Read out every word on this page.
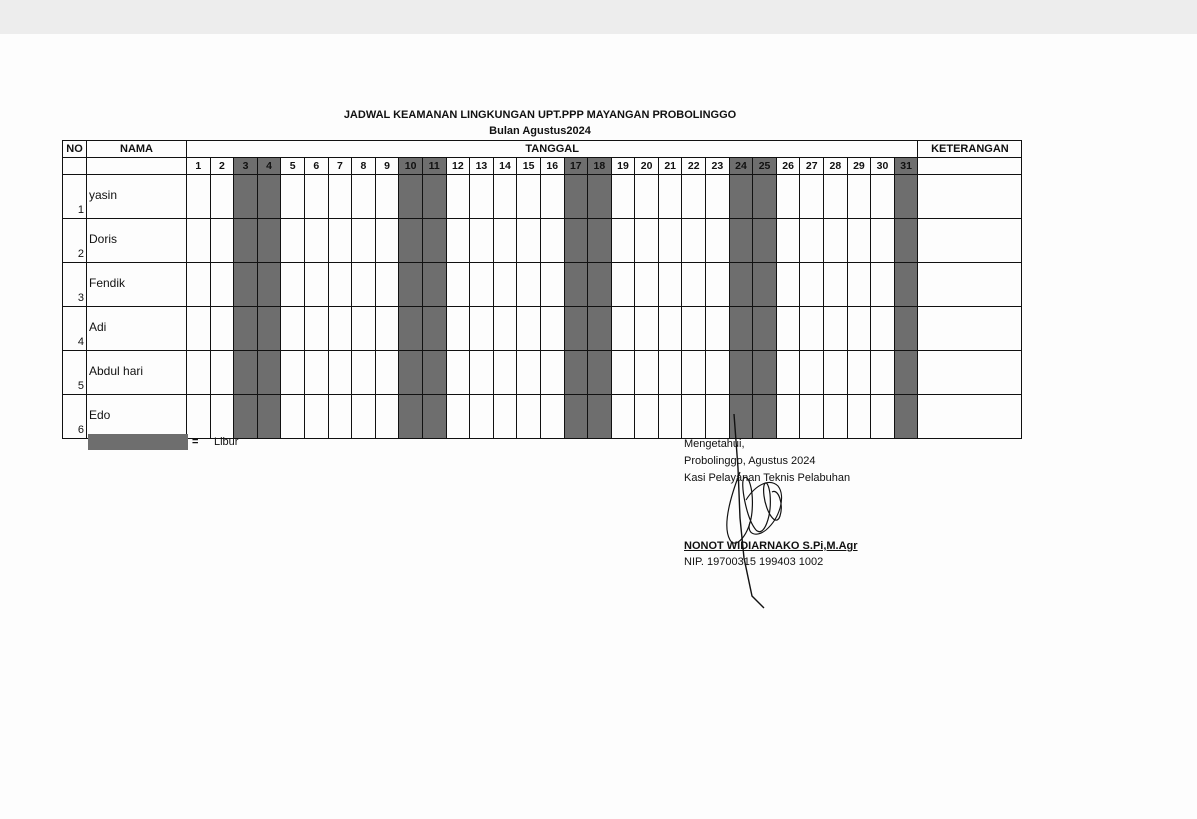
JADWAL KEAMANAN LINGKUNGAN UPT.PPP MAYANGAN PROBOLINGGO
Bulan Agustus2024
NO	NAMA	TANGGAL																															KETERANGAN
		1	2	3	4	5	6	7	8	9	10	11	12	13	14	15	16	17	18	19	20	21	22	23	24	25	26	27	28	29	30	31	
1	yasin																																
2	Doris																																
3	Fendik																																
4	Adi																																
5	Abdul hari																																
6	Edo																																
= Libur	Mengetahui,
Probolinggo, Agustus 2024
Kasi Pelayanan Teknis Pelabuhan
NONOT WIDIARNAKO S.Pi,M.Agr
NIP. 19700315 199403 1002
